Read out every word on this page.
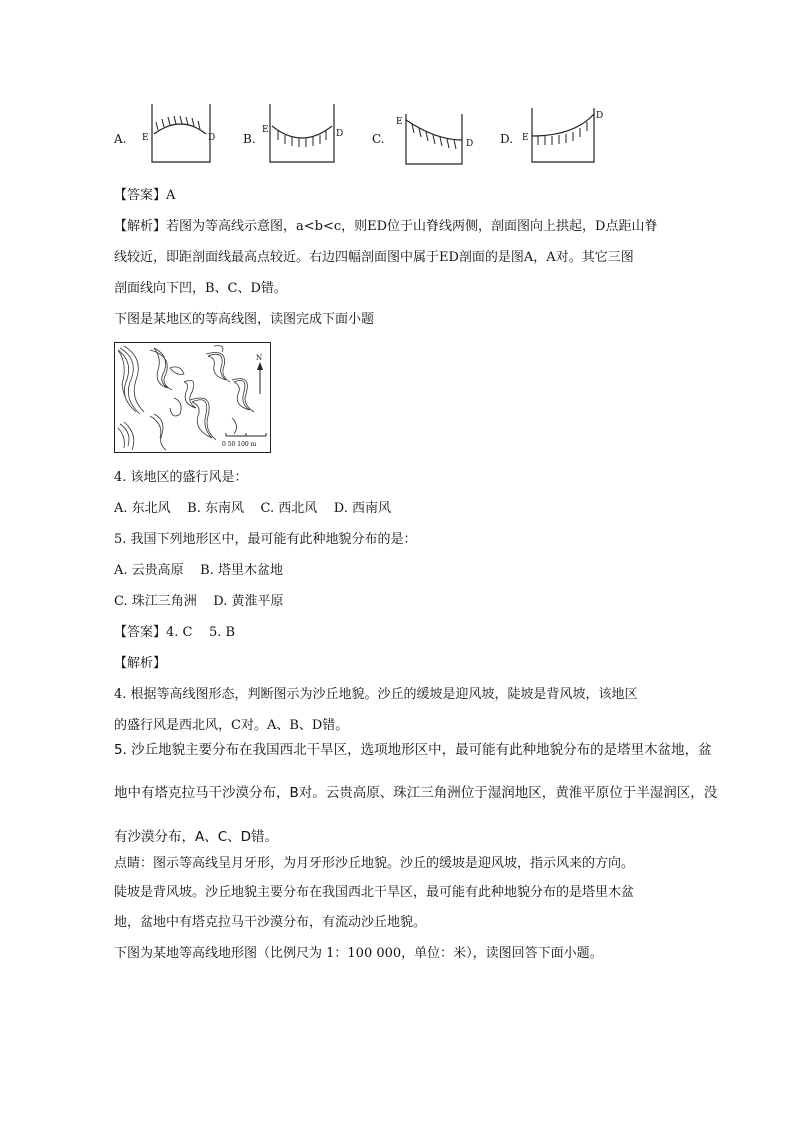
A. E	D B.
E	D C.
E
D D. E
D
【答案】A
【解析】若图为等高线示意图，a<b<c，则ED位于山脊线两侧，剖面图向上拱起，D点距山脊
线较近，即距剖面线最高点较近。右边四幅剖面图中属于ED剖面的是图A，A对。其它三图
剖面线向下凹，B、C、D错。
下图是某地区的等高线图，读图完成下面小题
N
0 50 100 m
4. 该地区的盛行风是：
A. 东北风    B. 东南风    C. 西北风    D. 西南风
5. 我国下列地形区中，最可能有此种地貌分布的是：
A. 云贵高原    B. 塔里木盆地
C. 珠江三角洲    D. 黄淮平原
【答案】4. C    5. B
【解析】
4. 根据等高线图形态，判断图示为沙丘地貌。沙丘的缓坡是迎风坡，陡坡是背风坡，该地区
的盛行风是西北风，C对。A、B、D错。
5. 沙丘地貌主要分布在我国西北干旱区，选项地形区中，最可能有此种地貌分布的是塔里木盆地，盆
地中有塔克拉马干沙漠分布，B对。云贵高原、珠江三角洲位于湿润地区，黄淮平原位于半湿润区，没
有沙漠分布，A、C、D错。
点睛：图示等高线呈月牙形，为月牙形沙丘地貌。沙丘的缓坡是迎风坡，指示风来的方向。
陡坡是背风坡。沙丘地貌主要分布在我国西北干旱区，最可能有此种地貌分布的是塔里木盆
地，盆地中有塔克拉马干沙漠分布，有流动沙丘地貌。
下图为某地等高线地形图（比例尺为 1：100 000，单位：米），读图回答下面小题。
